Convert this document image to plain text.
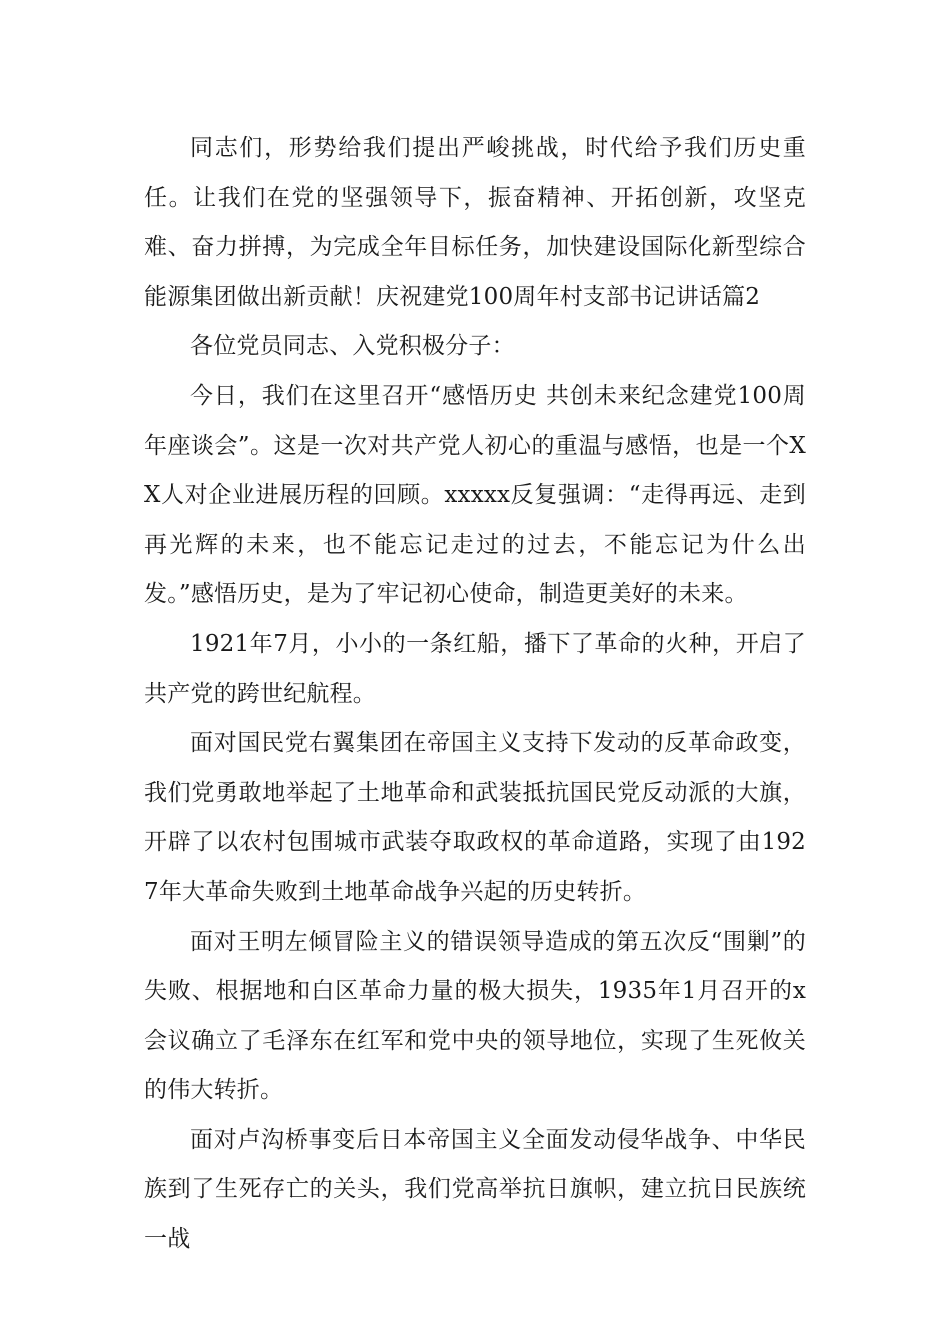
同志们，形势给我们提出严峻挑战，时代给予我们历史重任。让我们在党的坚强领导下，振奋精神、开拓创新，攻坚克难、奋力拼搏，为完成全年目标任务，加快建设国际化新型综合能源集团做出新贡献！庆祝建党100周年村支部书记讲话篇2

各位党员同志、入党积极分子：

今日，我们在这里召开“感悟历史 共创未来纪念建党100周年座谈会”。这是一次对共产党人初心的重温与感悟，也是一个XX人对企业进展历程的回顾。xxxxx反复强调：“走得再远、走到再光辉的未来，也不能忘记走过的过去，不能忘记为什么出发。”感悟历史，是为了牢记初心使命，制造更美好的未来。

1921年7月，小小的一条红船，播下了革命的火种，开启了共产党的跨世纪航程。

面对国民党右翼集团在帝国主义支持下发动的反革命政变，我们党勇敢地举起了土地革命和武装抵抗国民党反动派的大旗，开辟了以农村包围城市武装夺取政权的革命道路，实现了由1927年大革命失败到土地革命战争兴起的历史转折。

面对王明左倾冒险主义的错误领导造成的第五次反“围剿”的失败、根据地和白区革命力量的极大损失，1935年1月召开的x会议确立了毛泽东在红军和党中央的领导地位，实现了生死攸关的伟大转折。

面对卢沟桥事变后日本帝国主义全面发动侵华战争、中华民族到了生死存亡的关头，我们党高举抗日旗帜，建立抗日民族统一战
